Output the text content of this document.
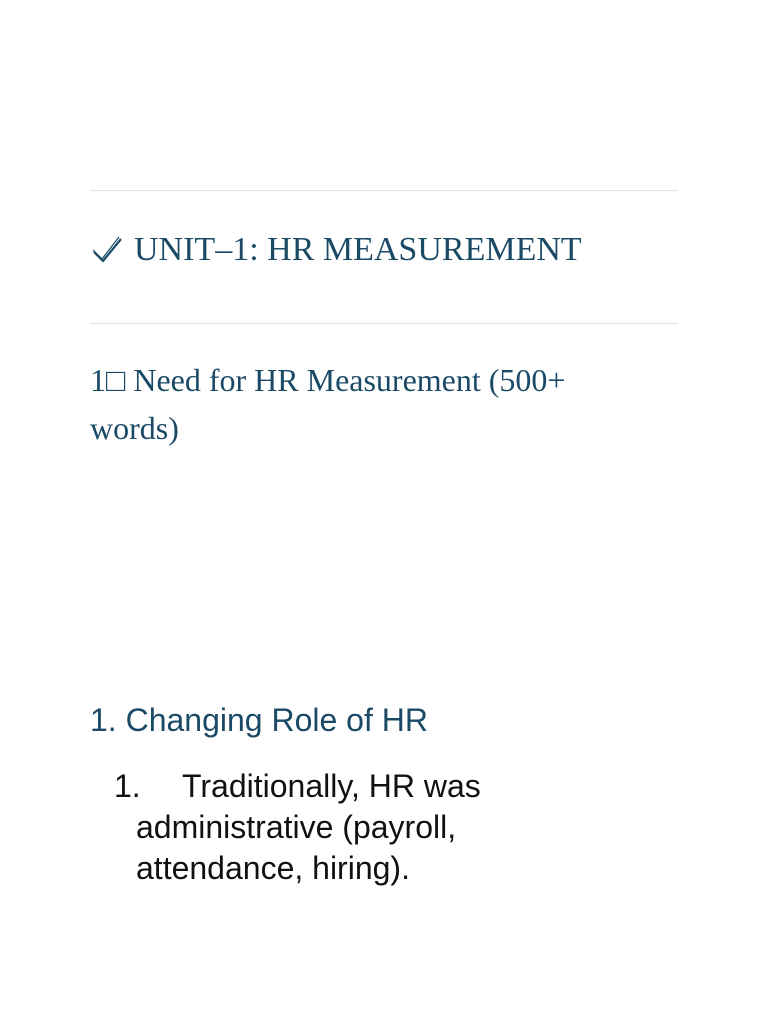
UNIT–1: HR MEASUREMENT
1□ Need for HR Measurement (500+ words)
1. Changing Role of HR
1. Traditionally, HR was administrative (payroll, attendance, hiring).
